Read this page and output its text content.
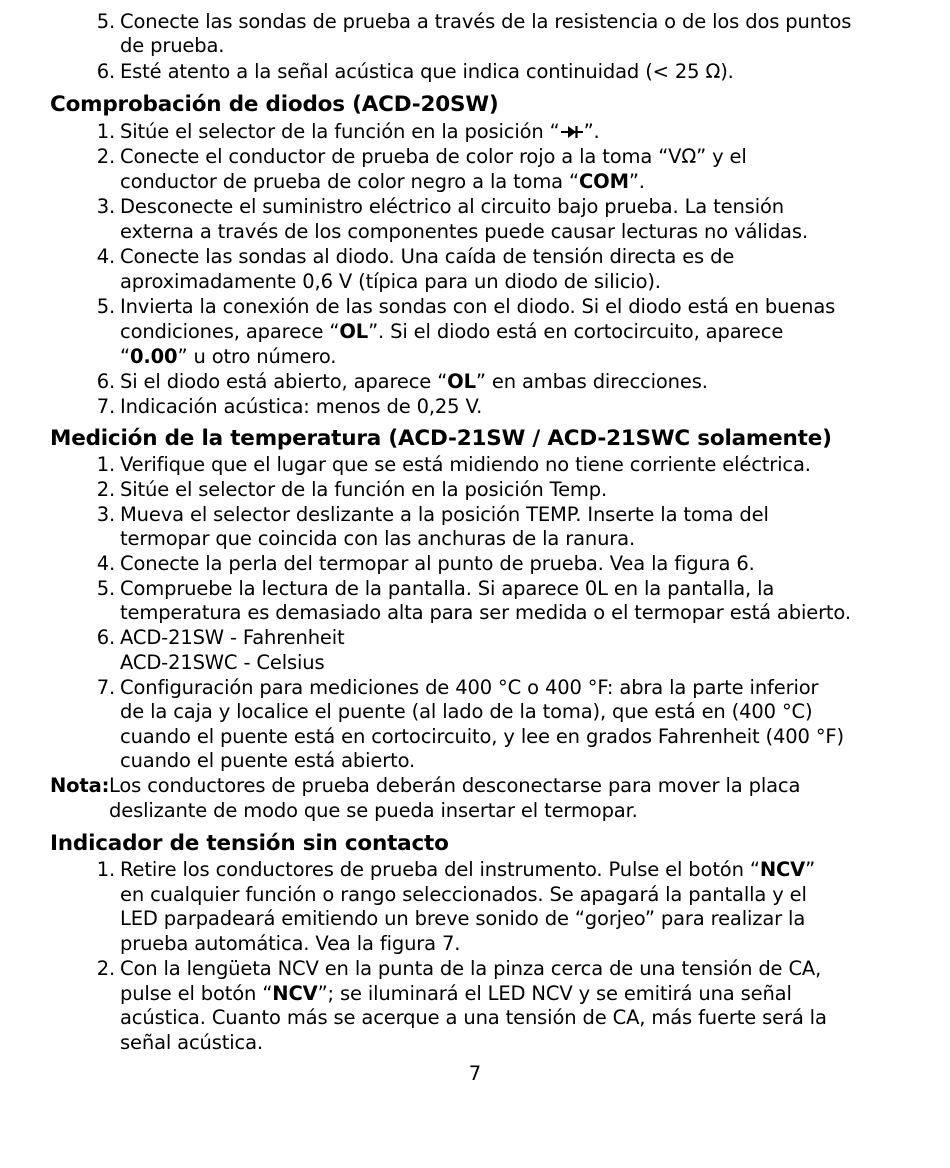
5. Conecte las sondas de prueba a través de la resistencia o de los dos puntos
de prueba.
6. Esté atento a la señal acústica que indica continuidad (< 25 Ω).
Comprobación de diodos (ACD-20SW)
1. Sitúe el selector de la función en la posición “ ”.
2. Conecte el conductor de prueba de color rojo a la toma “VΩ” y el
conductor de prueba de color negro a la toma “COM”.
3. Desconecte el suministro eléctrico al circuito bajo prueba. La tensión
externa a través de los componentes puede causar lecturas no válidas.
4. Conecte las sondas al diodo. Una caída de tensión directa es de
aproximadamente 0,6 V (típica para un diodo de silicio).
5. Invierta la conexión de las sondas con el diodo. Si el diodo está en buenas
condiciones, aparece “OL”. Si el diodo está en cortocircuito, aparece
“0.00” u otro número.
6. Si el diodo está abierto, aparece “OL” en ambas direcciones.
7. Indicación acústica: menos de 0,25 V.
Medición de la temperatura (ACD-21SW / ACD-21SWC solamente)
1. Verifique que el lugar que se está midiendo no tiene corriente eléctrica.
2. Sitúe el selector de la función en la posición Temp.
3. Mueva el selector deslizante a la posición TEMP. Inserte la toma del
termopar que coincida con las anchuras de la ranura.
4. Conecte la perla del termopar al punto de prueba. Vea la figura 6.
5. Compruebe la lectura de la pantalla. Si aparece 0L en la pantalla, la
temperatura es demasiado alta para ser medida o el termopar está abierto.
6. ACD-21SW - Fahrenheit
ACD-21SWC - Celsius
7. Configuración para mediciones de 400 °C o 400 °F: abra la parte inferior
de la caja y localice el puente (al lado de la toma), que está en (400 °C)
cuando el puente está en cortocircuito, y lee en grados Fahrenheit (400 °F)
cuando el puente está abierto.
Nota: Los conductores de prueba deberán desconectarse para mover la placa
deslizante de modo que se pueda insertar el termopar.
Indicador de tensión sin contacto
1. Retire los conductores de prueba del instrumento. Pulse el botón “NCV”
en cualquier función o rango seleccionados. Se apagará la pantalla y el
LED parpadeará emitiendo un breve sonido de “gorjeo” para realizar la
prueba automática. Vea la figura 7.
2. Con la lengüeta NCV en la punta de la pinza cerca de una tensión de CA,
pulse el botón “NCV”; se iluminará el LED NCV y se emitirá una señal
acústica. Cuanto más se acerque a una tensión de CA, más fuerte será la
señal acústica.
7
